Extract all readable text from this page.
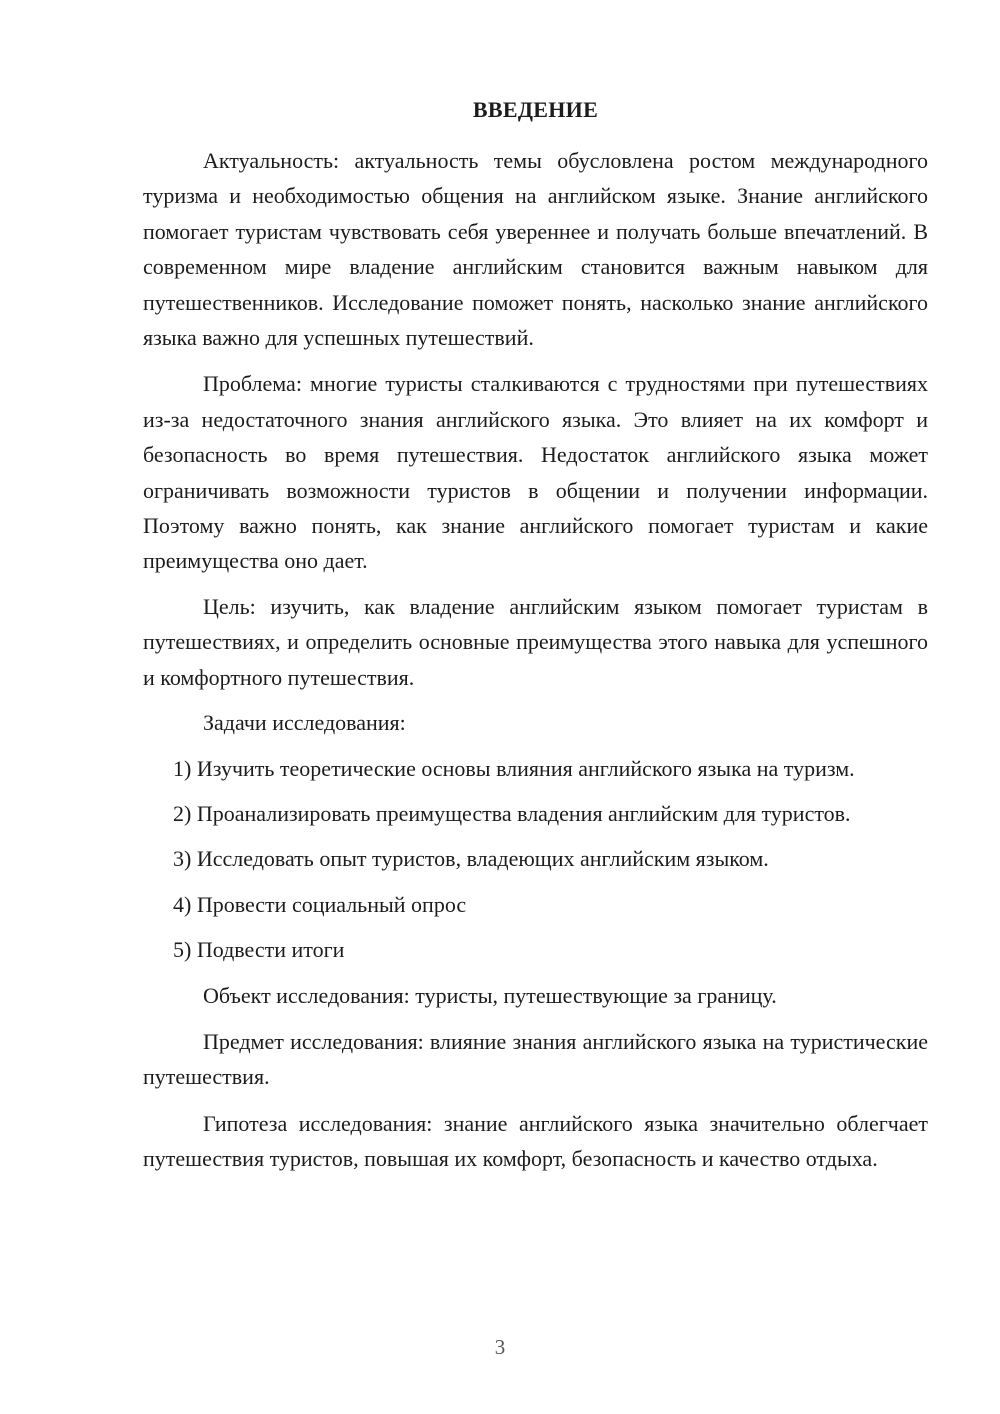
ВВЕДЕНИЕ

Актуальность: актуальность темы обусловлена ростом международного туризма и необходимостью общения на английском языке. Знание английского помогает туристам чувствовать себя увереннее и получать больше впечатлений. В современном мире владение английским становится важным навыком для путешественников. Исследование поможет понять, насколько знание английского языка важно для успешных путешествий.

Проблема: многие туристы сталкиваются с трудностями при путешествиях из-за недостаточного знания английского языка. Это влияет на их комфорт и безопасность во время путешествия. Недостаток английского языка может ограничивать возможности туристов в общении и получении информации. Поэтому важно понять, как знание английского помогает туристам и какие преимущества оно дает.

Цель: изучить, как владение английским языком помогает туристам в путешествиях, и определить основные преимущества этого навыка для успешного и комфортного путешествия.

Задачи исследования:

1) Изучить теоретические основы влияния английского языка на туризм.
2) Проанализировать преимущества владения английским для туристов.
3) Исследовать опыт туристов, владеющих английским языком.
4) Провести социальный опрос
5) Подвести итоги

Объект исследования: туристы, путешествующие за границу.

Предмет исследования: влияние знания английского языка на туристические путешествия.

Гипотеза исследования: знание английского языка значительно облегчает путешествия туристов, повышая их комфорт, безопасность и качество отдыха.

3
